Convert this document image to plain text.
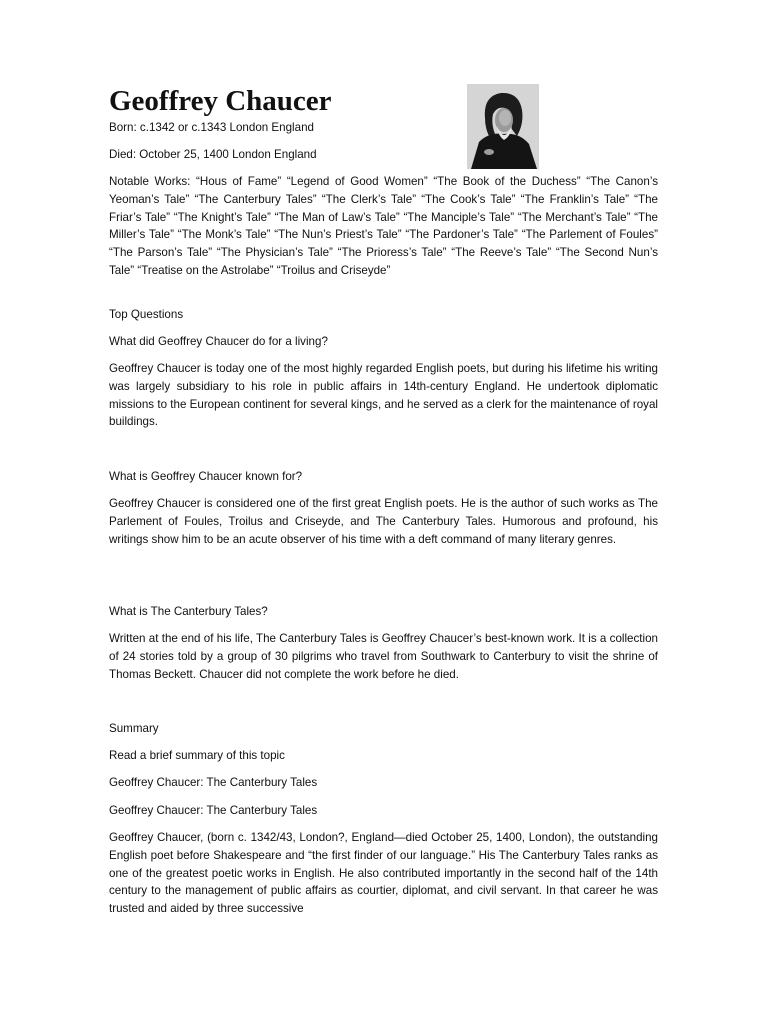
Geoffrey Chaucer
Born: c.1342 or c.1343 London England
Died: October 25, 1400 London England
Notable Works: “Hous of Fame” “Legend of Good Women” “The Book of the Duchess” “The Canon’s Yeoman’s Tale” “The Canterbury Tales” “The Clerk’s Tale” “The Cook’s Tale” “The Franklin’s Tale” “The Friar’s Tale” “The Knight’s Tale” “The Man of Law’s Tale” “The Manciple’s Tale” “The Merchant’s Tale” “The Miller’s Tale” “The Monk’s Tale” “The Nun’s Priest’s Tale” “The Pardoner’s Tale” “The Parlement of Foules” “The Parson’s Tale” “The Physician’s Tale” “The Prioress’s Tale” “The Reeve’s Tale” “The Second Nun’s Tale” “Treatise on the Astrolabe” “Troilus and Criseyde”
Top Questions
What did Geoffrey Chaucer do for a living?
Geoffrey Chaucer is today one of the most highly regarded English poets, but during his lifetime his writing was largely subsidiary to his role in public affairs in 14th-century England. He undertook diplomatic missions to the European continent for several kings, and he served as a clerk for the maintenance of royal buildings.
What is Geoffrey Chaucer known for?
Geoffrey Chaucer is considered one of the first great English poets. He is the author of such works as The Parlement of Foules, Troilus and Criseyde, and The Canterbury Tales. Humorous and profound, his writings show him to be an acute observer of his time with a deft command of many literary genres.
What is The Canterbury Tales?
Written at the end of his life, The Canterbury Tales is Geoffrey Chaucer’s best-known work. It is a collection of 24 stories told by a group of 30 pilgrims who travel from Southwark to Canterbury to visit the shrine of Thomas Beckett. Chaucer did not complete the work before he died.
Summary
Read a brief summary of this topic
Geoffrey Chaucer: The Canterbury Tales
Geoffrey Chaucer: The Canterbury Tales
Geoffrey Chaucer, (born c. 1342/43, London?, England—died October 25, 1400, London), the outstanding English poet before Shakespeare and “the first finder of our language.” His The Canterbury Tales ranks as one of the greatest poetic works in English. He also contributed importantly in the second half of the 14th century to the management of public affairs as courtier, diplomat, and civil servant. In that career he was trusted and aided by three successive
